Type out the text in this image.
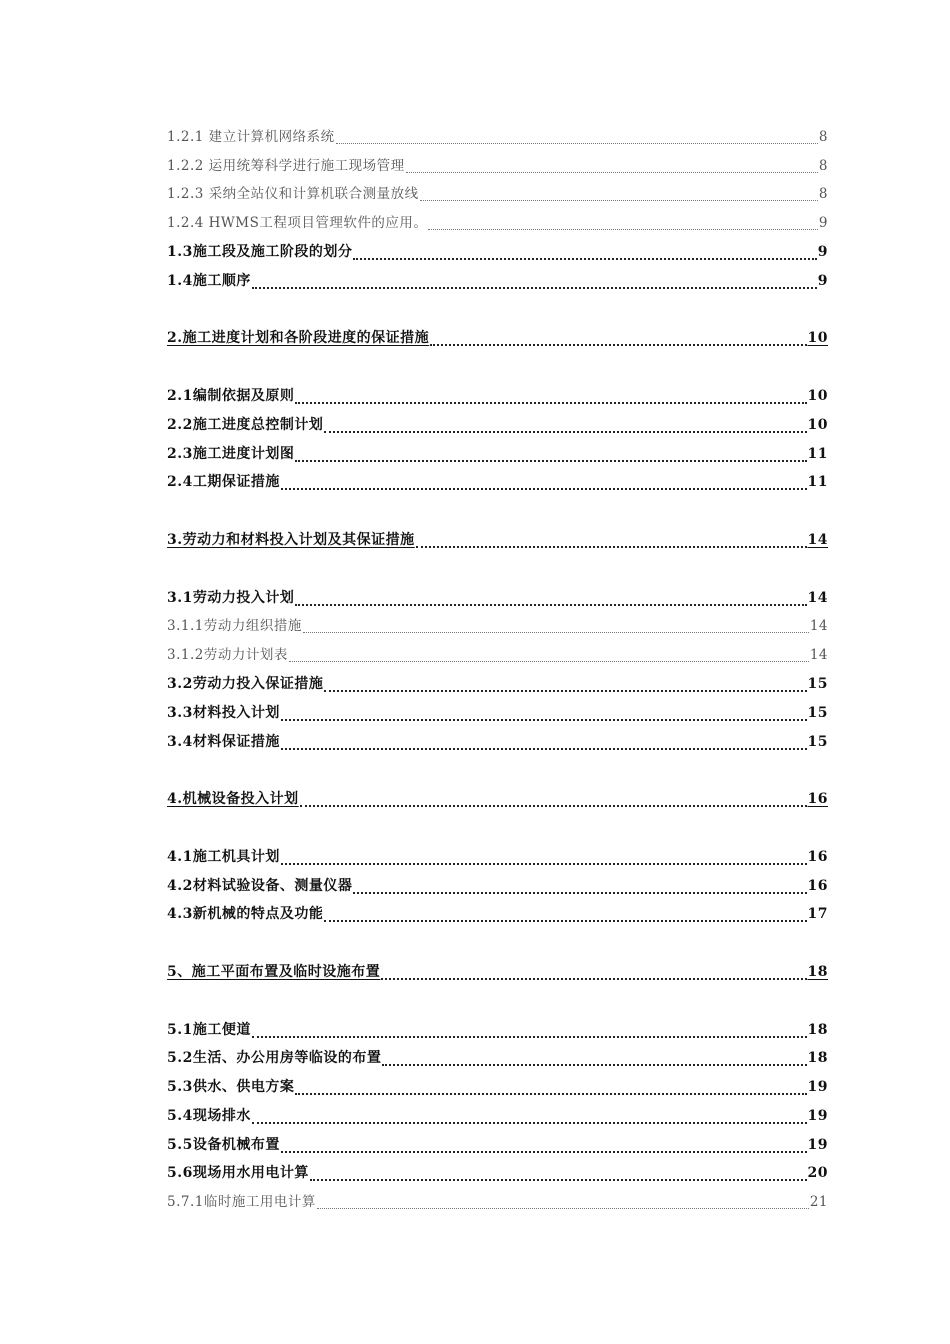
1.2.1 建立计算机网络系统	8
1.2.2 运用统筹科学进行施工现场管理	8
1.2.3 采纳全站仪和计算机联合测量放线	8
1.2.4 HWMS工程项目管理软件的应用。	9
1.3施工段及施工阶段的划分	9
1.4施工顺序	9
2.施工进度计划和各阶段进度的保证措施	10
2.1编制依据及原则	10
2.2施工进度总控制计划	10
2.3施工进度计划图	11
2.4工期保证措施	11
3.劳动力和材料投入计划及其保证措施	14
3.1劳动力投入计划	14
3.1.1劳动力组织措施	14
3.1.2劳动力计划表	14
3.2劳动力投入保证措施	15
3.3材料投入计划	15
3.4材料保证措施	15
4.机械设备投入计划	16
4.1施工机具计划	16
4.2材料试验设备、测量仪器	16
4.3新机械的特点及功能	17
5、施工平面布置及临时设施布置	18
5.1施工便道	18
5.2生活、办公用房等临设的布置	18
5.3供水、供电方案	19
5.4现场排水	19
5.5设备机械布置	19
5.6现场用水用电计算	20
5.7.1临时施工用电计算	21
